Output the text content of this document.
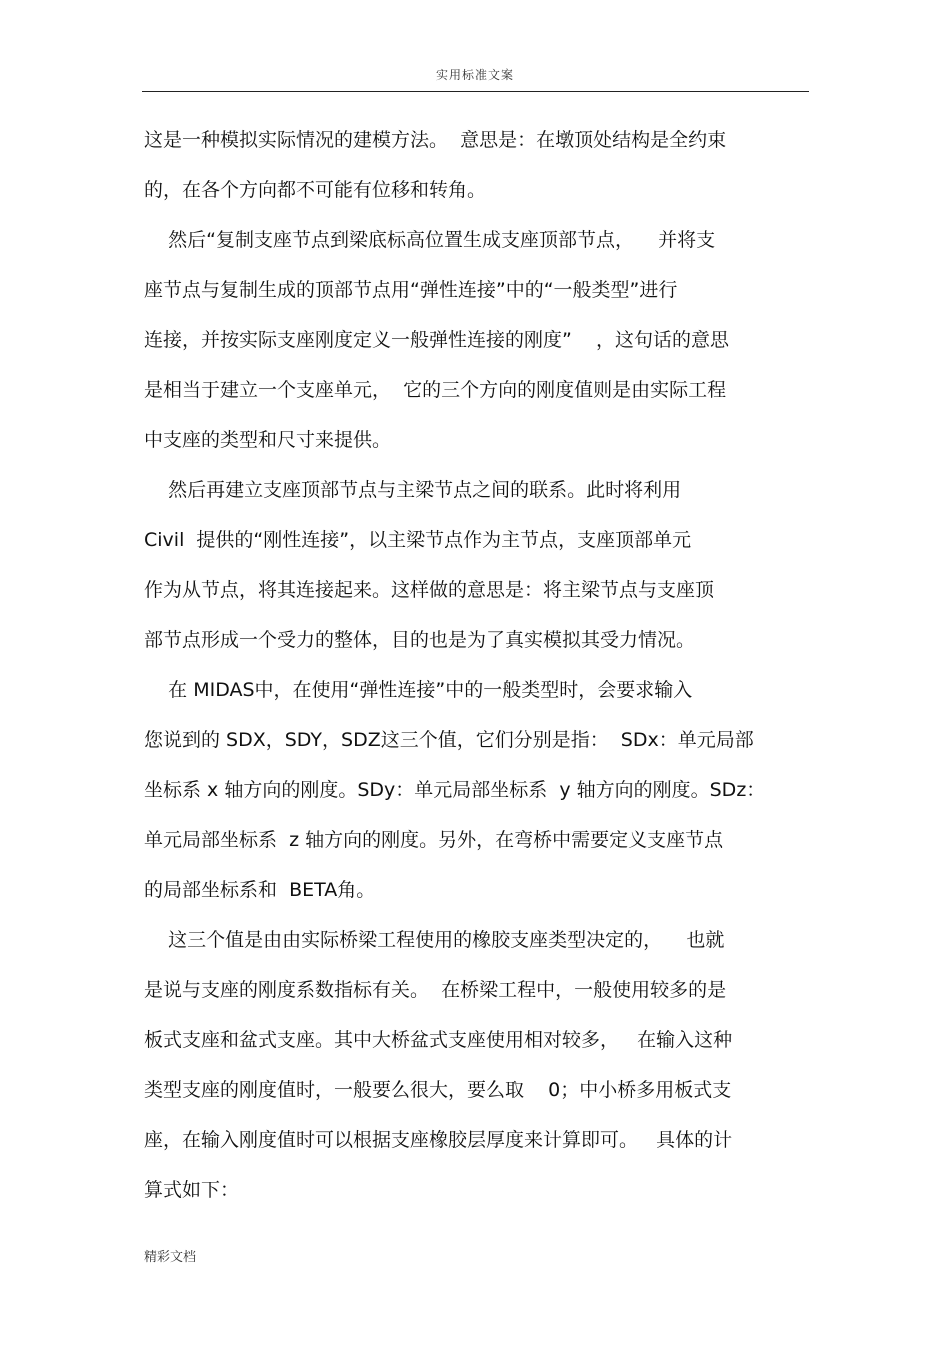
实用标准文案
这是一种模拟实际情况的建模方法。  意思是：在墩顶处结构是全约束
的，在各个方向都不可能有位移和转角。
然后“复制支座节点到梁底标高位置生成支座顶部节点，    并将支
座节点与复制生成的顶部节点用“弹性连接”中的“一般类型”进行
连接，并按实际支座刚度定义一般弹性连接的刚度”    ，这句话的意思
是相当于建立一个支座单元，  它的三个方向的刚度值则是由实际工程
中支座的类型和尺寸来提供。
然后再建立支座顶部节点与主梁节点之间的联系。此时将利用
Civil  提供的“刚性连接”，以主梁节点作为主节点，支座顶部单元
作为从节点，将其连接起来。这样做的意思是：将主梁节点与支座顶
部节点形成一个受力的整体，目的也是为了真实模拟其受力情况。
在 MIDAS中，在使用“弹性连接”中的一般类型时，会要求输入
您说到的 SDX，SDY，SDZ这三个值，它们分别是指：  SDx：单元局部
坐标系 x 轴方向的刚度。SDy：单元局部坐标系  y 轴方向的刚度。SDz：
单元局部坐标系  z 轴方向的刚度。另外，在弯桥中需要定义支座节点
的局部坐标系和  BETA角。
这三个值是由由实际桥梁工程使用的橡胶支座类型决定的，    也就
是说与支座的刚度系数指标有关。  在桥梁工程中，一般使用较多的是
板式支座和盆式支座。其中大桥盆式支座使用相对较多，   在输入这种
类型支座的刚度值时，一般要么很大，要么取    0；中小桥多用板式支
座，在输入刚度值时可以根据支座橡胶层厚度来计算即可。   具体的计
算式如下：
精彩文档
